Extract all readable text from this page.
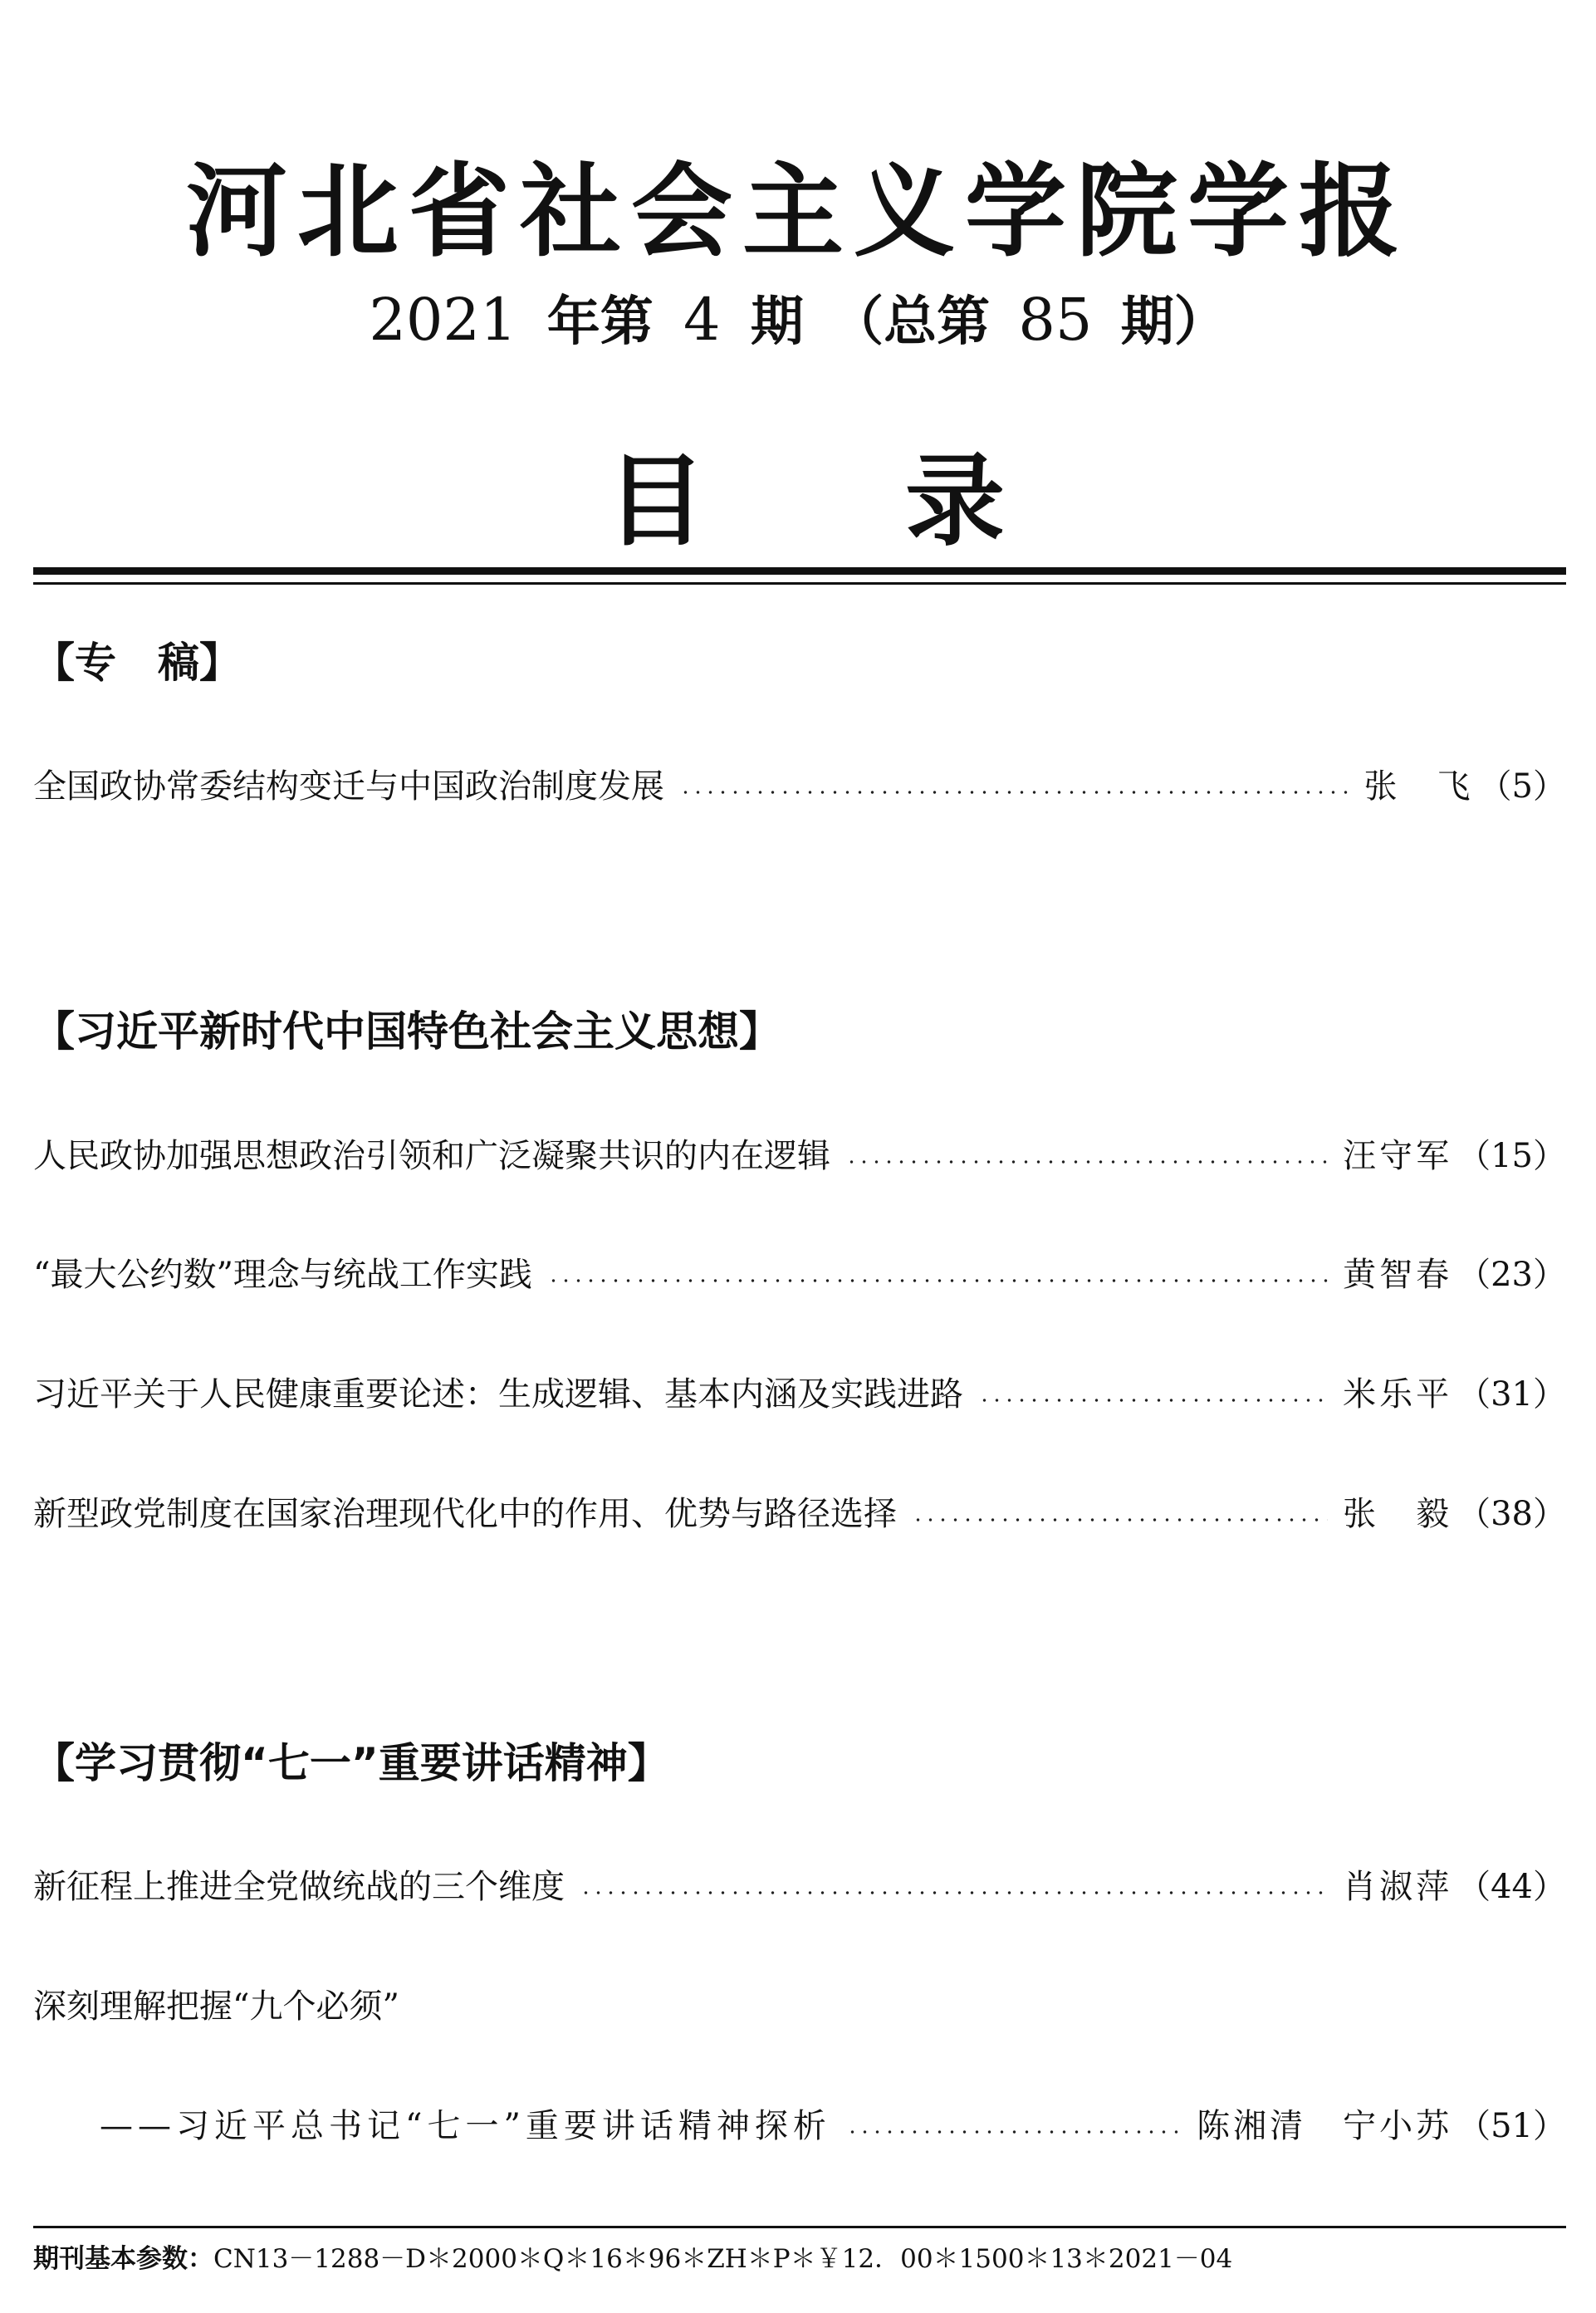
河北省社会主义学院学报
2021 年第 4 期 （总第 85 期）
目 录
【专　稿】
全国政协常委结构变迁与中国政治制度发展	张　飞 （5）
【习近平新时代中国特色社会主义思想】
人民政协加强思想政治引领和广泛凝聚共识的内在逻辑	汪守军 （15）
“最大公约数”理念与统战工作实践	黄智春 （23）
习近平关于人民健康重要论述：生成逻辑、基本内涵及实践进路	米乐平 （31）
新型政党制度在国家治理现代化中的作用、优势与路径选择	张　毅 （38）
【学习贯彻“七一”重要讲话精神】
新征程上推进全党做统战的三个维度	肖淑萍 （44）
深刻理解把握“九个必须”
——习近平总书记“七一”重要讲话精神探析	陈湘清　宁小苏 （51）
期刊基本参数：CN13－1288－D＊2000＊Q＊16＊96＊ZH＊P＊￥12．00＊1500＊13＊2021－04
